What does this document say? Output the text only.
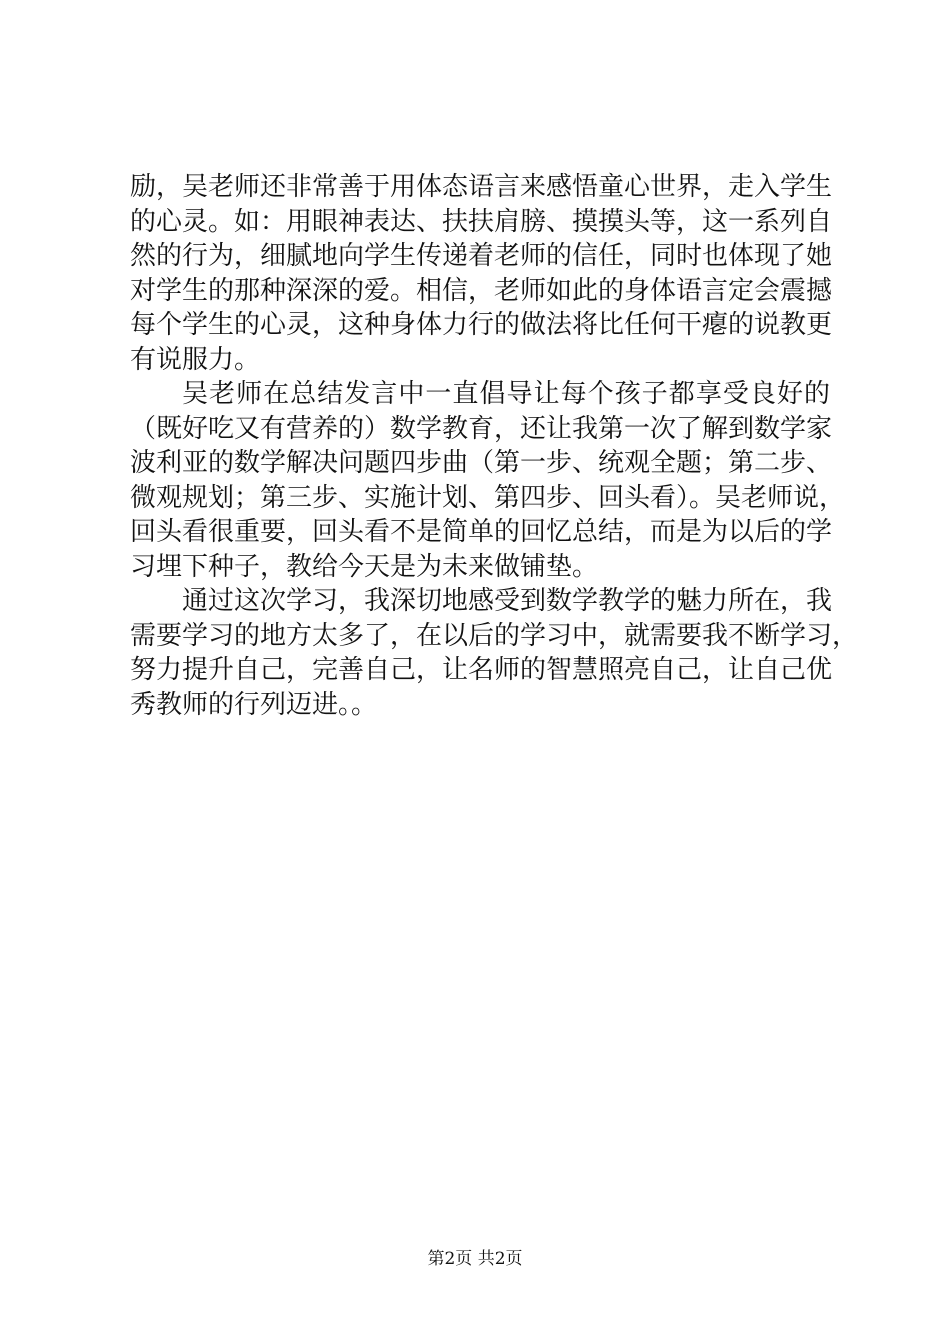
励，吴老师还非常善于用体态语言来感悟童心世界，走入学生
的心灵。如：用眼神表达、扶扶肩膀、摸摸头等，这一系列自
然的行为，细腻地向学生传递着老师的信任，同时也体现了她
对学生的那种深深的爱。相信，老师如此的身体语言定会震撼
每个学生的心灵，这种身体力行的做法将比任何干瘪的说教更
有说服力。
吴老师在总结发言中一直倡导让每个孩子都享受良好的
（既好吃又有营养的）数学教育，还让我第一次了解到数学家
波利亚的数学解决问题四步曲（第一步、统观全题；第二步、
微观规划；第三步、实施计划、第四步、回头看）。吴老师说，
回头看很重要，回头看不是简单的回忆总结，而是为以后的学
习埋下种子，教给今天是为未来做铺垫。
通过这次学习，我深切地感受到数学教学的魅力所在，我
需要学习的地方太多了，在以后的学习中，就需要我不断学习，
努力提升自己，完善自己，让名师的智慧照亮自己，让自己优
秀教师的行列迈进。。
第2页 共2页
